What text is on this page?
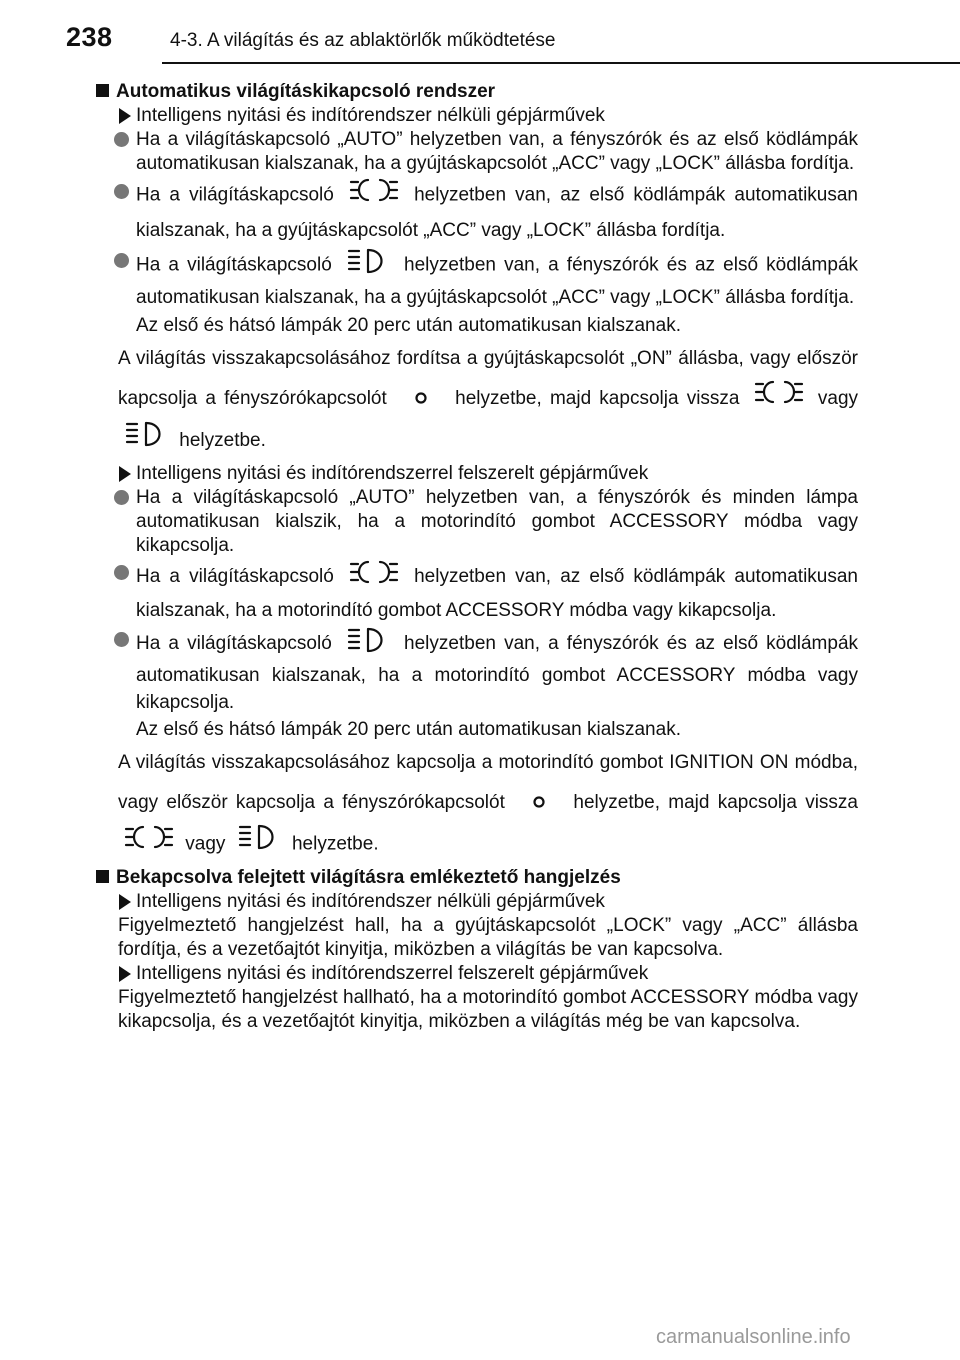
238	4-3. A világítás és az ablaktörlők működtetése

Automatikus világításkikapcsoló rendszer

Intelligens nyitási és indítórendszer nélküli gépjárművek

Ha a világításkapcsoló „AUTO” helyzetben van, a fényszórók és az első ködlámpák automatikusan kialszanak, ha a gyújtáskapcsolót „ACC” vagy „LOCK” állásba fordítja.

Ha a világításkapcsoló	helyzetben van, az első ködlámpák automatikusan kialszanak, ha a gyújtáskapcsolót „ACC” vagy „LOCK” állásba fordítja.

Ha a világításkapcsoló	helyzetben van, a fényszórók és az első ködlámpák automatikusan kialszanak, ha a gyújtáskapcsolót „ACC” vagy „LOCK” állásba fordítja.
Az első és hátsó lámpák 20 perc után automatikusan kialszanak.

A világítás visszakapcsolásához fordítsa a gyújtáskapcsolót „ON” állásba, vagy először kapcsolja a fényszórókapcsolót	helyzetbe, majd kapcsolja vissza	vagy  helyzetbe.

Intelligens nyitási és indítórendszerrel felszerelt gépjárművek

Ha a világításkapcsoló „AUTO” helyzetben van, a fényszórók és minden lámpa automatikusan kialszik, ha a motorindító gombot ACCESSORY módba vagy kikapcsolja.

Ha a világításkapcsoló	helyzetben van, az első ködlámpák automatikusan kialszanak, ha a motorindító gombot ACCESSORY módba vagy kikapcsolja.

Ha a világításkapcsoló	helyzetben van, a fényszórók és az első ködlámpák automatikusan kialszanak, ha a motorindító gombot ACCESSORY módba vagy kikapcsolja.
Az első és hátsó lámpák 20 perc után automatikusan kialszanak.

A világítás visszakapcsolásához kapcsolja a motorindító gombot IGNITION ON módba, vagy először kapcsolja a fényszórókapcsolót	helyzetbe, majd kapcsolja vissza  vagy	helyzetbe.

Bekapcsolva felejtett világításra emlékeztető hangjelzés

Intelligens nyitási és indítórendszer nélküli gépjárművek

Figyelmeztető hangjelzést hall, ha a gyújtáskapcsolót „LOCK” vagy „ACC” állásba fordítja, és a vezetőajtót kinyitja, miközben a világítás be van kapcsolva.

Intelligens nyitási és indítórendszerrel felszerelt gépjárművek

Figyelmeztető hangjelzést hallható, ha a motorindító gombot ACCESSORY módba vagy kikapcsolja, és a vezetőajtót kinyitja, miközben a világítás még be van kapcsolva.

carmanualsonline.info
